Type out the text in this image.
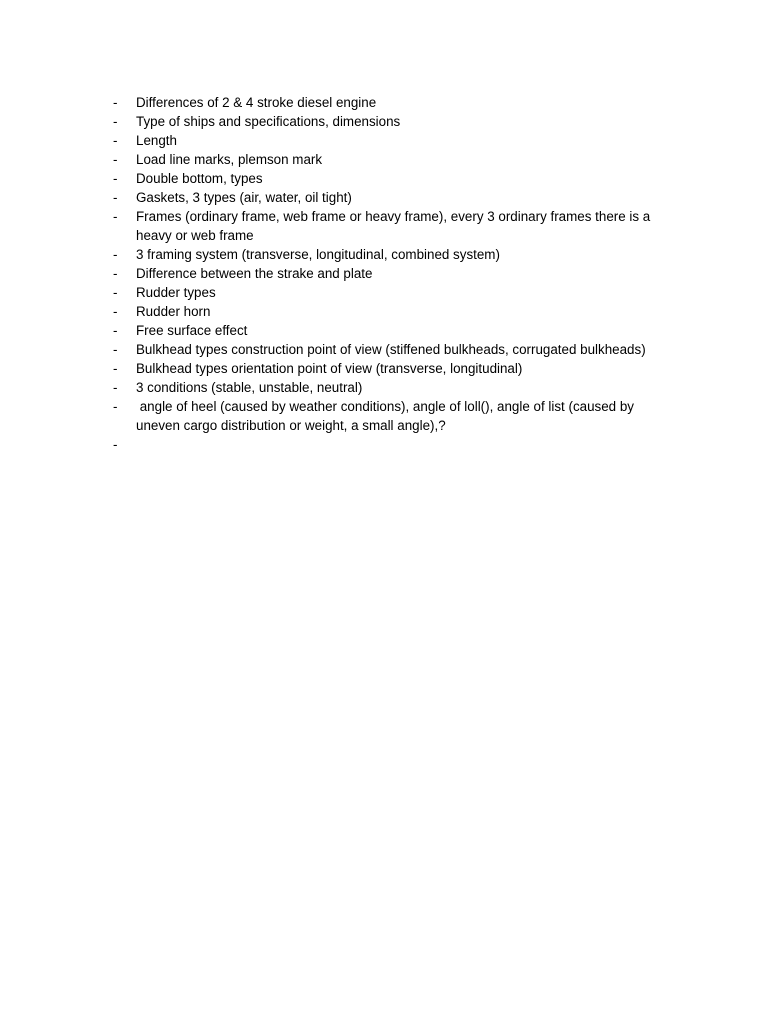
-	Differences of 2 & 4 stroke diesel engine
-	Type of ships and specifications, dimensions
-	Length
-	Load line marks, plemson mark
-	Double bottom, types
-	Gaskets, 3 types (air, water, oil tight)
-	Frames (ordinary frame, web frame or heavy frame), every 3 ordinary frames there is a
heavy or web frame
-	3 framing system (transverse, longitudinal, combined system)
-	Difference between the strake and plate
-	Rudder types
-	Rudder horn
-	Free surface effect
-	Bulkhead types construction point of view (stiffened bulkheads, corrugated bulkheads)
-	Bulkhead types orientation point of view (transverse, longitudinal)
-	3 conditions (stable, unstable, neutral)
-	angle of heel (caused by weather conditions), angle of loll(), angle of list (caused by
uneven cargo distribution or weight, a small angle),?
-
